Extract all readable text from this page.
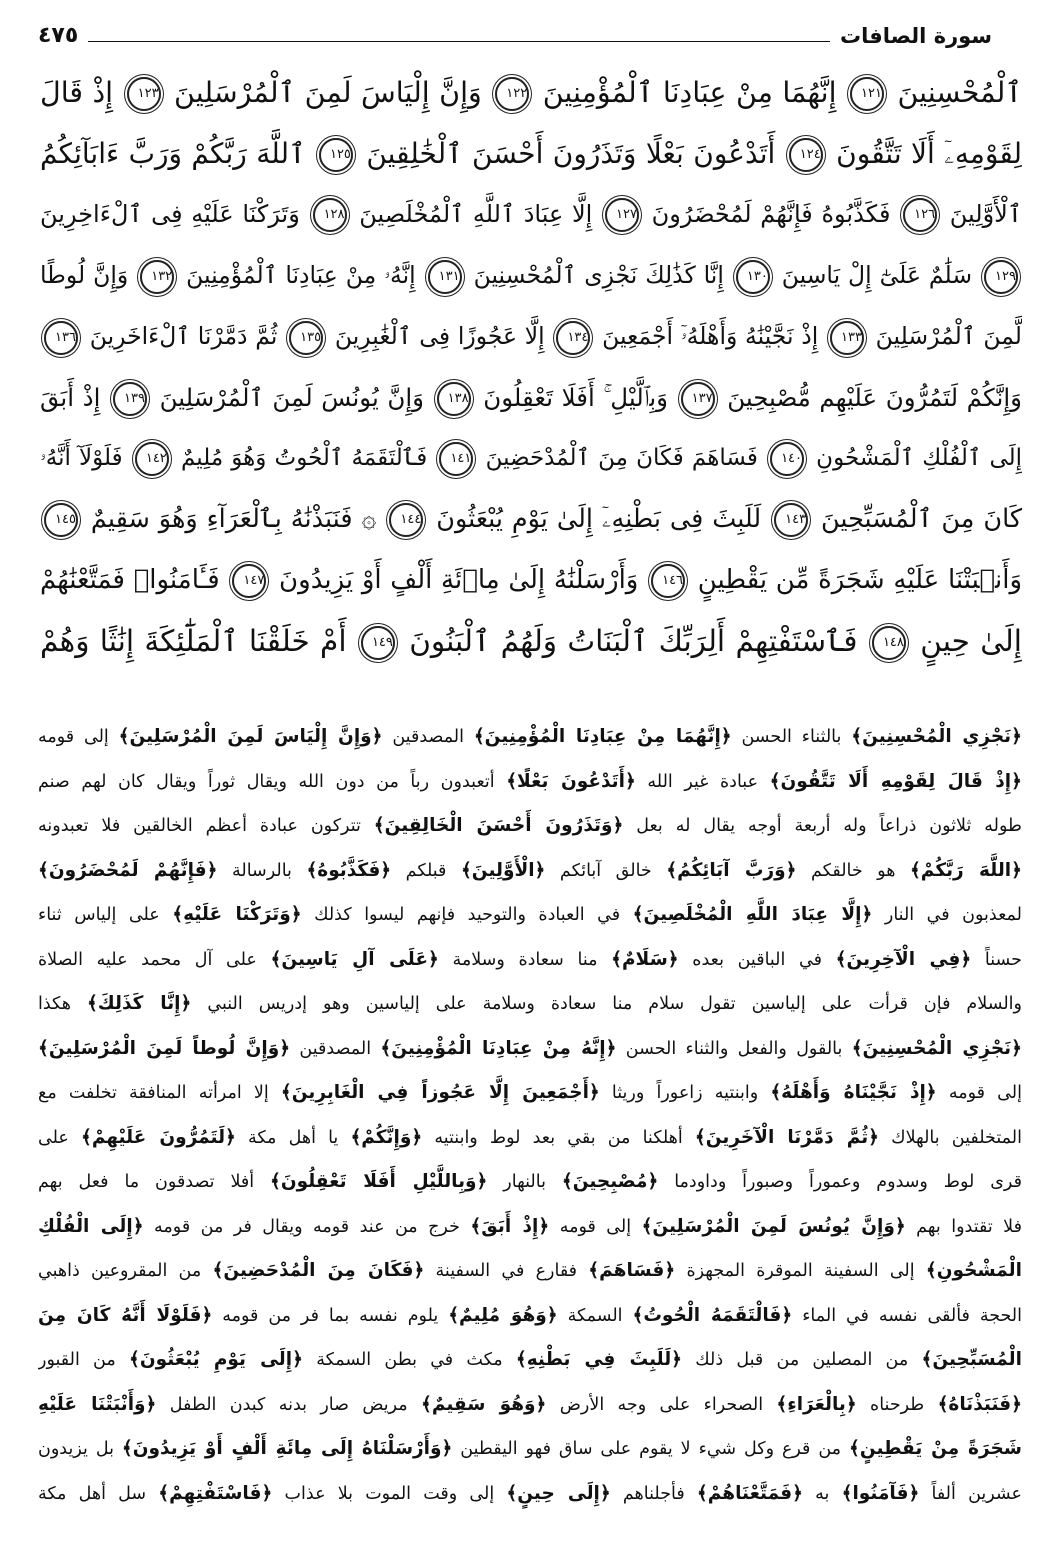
سورة الصافات
٤٧٥
ٱلْمُحْسِنِينَ ١٢١ إِنَّهُمَا مِنْ عِبَادِنَا ٱلْمُؤْمِنِينَ ١٢٢ وَإِنَّ إِلْيَاسَ لَمِنَ ٱلْمُرْسَلِينَ ١٢٣ إِذْ قَالَ
لِقَوْمِهِۦٓ أَلَا تَتَّقُونَ ١٢٤ أَتَدْعُونَ بَعْلًا وَتَذَرُونَ أَحْسَنَ ٱلْخَٰلِقِينَ ١٢٥ ٱللَّهَ رَبَّكُمْ وَرَبَّ ءَابَآئِكُمُ
ٱلْأَوَّلِينَ ١٢٦ فَكَذَّبُوهُ فَإِنَّهُمْ لَمُحْضَرُونَ ١٢٧ إِلَّا عِبَادَ ٱللَّهِ ٱلْمُخْلَصِينَ ١٢٨ وَتَرَكْنَا عَلَيْهِ فِى ٱلْءَاخِرِينَ
١٢٩ سَلَٰمٌ عَلَىٰٓ إِلْ يَاسِينَ ١٣٠ إِنَّا كَذَٰلِكَ نَجْزِى ٱلْمُحْسِنِينَ ١٣١ إِنَّهُۥ مِنْ عِبَادِنَا ٱلْمُؤْمِنِينَ ١٣٢ وَإِنَّ لُوطًا
لَّمِنَ ٱلْمُرْسَلِينَ ١٣٣ إِذْ نَجَّيْنَٰهُ وَأَهْلَهُۥٓ أَجْمَعِينَ ١٣٤ إِلَّا عَجُوزًا فِى ٱلْغَٰبِرِينَ ١٣٥ ثُمَّ دَمَّرْنَا ٱلْءَاخَرِينَ ١٣٦
وَإِنَّكُمْ لَتَمُرُّونَ عَلَيْهِم مُّصْبِحِينَ ١٣٧ وَبِٱلَّيْلِ ۚ أَفَلَا تَعْقِلُونَ ١٣٨ وَإِنَّ يُونُسَ لَمِنَ ٱلْمُرْسَلِينَ ١٣٩ إِذْ أَبَقَ
إِلَى ٱلْفُلْكِ ٱلْمَشْحُونِ ١٤٠ فَسَاهَمَ فَكَانَ مِنَ ٱلْمُدْحَضِينَ ١٤١ فَٱلْتَقَمَهُ ٱلْحُوتُ وَهُوَ مُلِيمٌ ١٤٢ فَلَوْلَآ أَنَّهُۥ
كَانَ مِنَ ٱلْمُسَبِّحِينَ ١٤٣ لَلَبِثَ فِى بَطْنِهِۦٓ إِلَىٰ يَوْمِ يُبْعَثُونَ ١٤٤ ۞ فَنَبَذْنَٰهُ بِٱلْعَرَآءِ وَهُوَ سَقِيمٌ ١٤٥
وَأَنۢبَتْنَا عَلَيْهِ شَجَرَةً مِّن يَقْطِينٍ ١٤٦ وَأَرْسَلْنَٰهُ إِلَىٰ مِا۟ئَةِ أَلْفٍ أَوْ يَزِيدُونَ ١٤٧ فَـَٔامَنُوا۟ فَمَتَّعْنَٰهُمْ
إِلَىٰ حِينٍ ١٤٨ فَٱسْتَفْتِهِمْ أَلِرَبِّكَ ٱلْبَنَاتُ وَلَهُمُ ٱلْبَنُونَ ١٤٩ أَمْ خَلَقْنَا ٱلْمَلَٰٓئِكَةَ إِنَٰثًا وَهُمْ
﴿نَجْزِي الْمُحْسِنِينَ﴾ بالثناء الحسن ﴿إِنَّهُمَا مِنْ عِبَادِنَا الْمُؤْمِنِينَ﴾ المصدقين ﴿وَإِنَّ إِلْيَاسَ لَمِنَ الْمُرْسَلِينَ﴾ إلى قومه
﴿إِذْ قَالَ لِقَوْمِهِ أَلَا تَتَّقُونَ﴾ عبادة غير الله ﴿أَتَدْعُونَ بَعْلًا﴾ أتعبدون رباً من دون الله ويقال ثوراً ويقال كان لهم صنم
طوله ثلاثون ذراعاً وله أربعة أوجه يقال له بعل ﴿وَتَذَرُونَ أَحْسَنَ الْخَالِقِينَ﴾ تتركون عبادة أعظم الخالقين فلا تعبدونه
﴿اللَّهَ رَبَّكُمْ﴾ هو خالقكم ﴿وَرَبَّ آبَائِكُمُ﴾ خالق آبائكم ﴿الْأَوَّلِينَ﴾ قبلكم ﴿فَكَذَّبُوهُ﴾ بالرسالة ﴿فَإِنَّهُمْ لَمُحْضَرُونَ﴾
لمعذبون في النار ﴿إِلَّا عِبَادَ اللَّهِ الْمُخْلَصِينَ﴾ في العبادة والتوحيد فإنهم ليسوا كذلك ﴿وَتَرَكْنَا عَلَيْهِ﴾ على إلياس ثناء
حسناً ﴿فِي الْآخِرِينَ﴾ في الباقين بعده ﴿سَلَامٌ﴾ منا سعادة وسلامة ﴿عَلَى آلِ يَاسِينَ﴾ على آل محمد عليه الصلاة
والسلام فإن قرأت على إلياسين تقول سلام منا سعادة وسلامة على إلياسين وهو إدريس النبي ﴿إِنَّا كَذَلِكَ﴾ هكذا
﴿نَجْزِي الْمُحْسِنِينَ﴾ بالقول والفعل والثناء الحسن ﴿إِنَّهُ مِنْ عِبَادِنَا الْمُؤْمِنِينَ﴾ المصدقين ﴿وَإِنَّ لُوطاً لَمِنَ الْمُرْسَلِينَ﴾
إلى قومه ﴿إِذْ نَجَّيْنَاهُ وَأَهْلَهُ﴾ وابنتيه زاعوراً وريثا ﴿أَجْمَعِينَ إِلَّا عَجُوزاً فِي الْغَابِرِينَ﴾ إلا امرأته المنافقة تخلفت مع
المتخلفين بالهلاك ﴿ثُمَّ دَمَّرْنَا الْآخَرِينَ﴾ أهلكنا من بقي بعد لوط وابنتيه ﴿وَإِنَّكُمْ﴾ يا أهل مكة ﴿لَتَمُرُّونَ عَلَيْهِمْ﴾ على
قرى لوط وسدوم وعموراً وصبوراً وداودما ﴿مُصْبِحِينَ﴾ بالنهار ﴿وَبِاللَّيْلِ أَفَلَا تَعْقِلُونَ﴾ أفلا تصدقون ما فعل بهم
فلا تقتدوا بهم ﴿وَإِنَّ يُونُسَ لَمِنَ الْمُرْسَلِينَ﴾ إلى قومه ﴿إِذْ أَبَقَ﴾ خرج من عند قومه ويقال فر من قومه ﴿إِلَى الْفُلْكِ
الْمَشْحُونِ﴾ إلى السفينة الموقرة المجهزة ﴿فَسَاهَمَ﴾ فقارع في السفينة ﴿فَكَانَ مِنَ الْمُدْحَضِينَ﴾ من المقروعين ذاهبي
الحجة فألقى نفسه في الماء ﴿فَالْتَقَمَهُ الْحُوتُ﴾ السمكة ﴿وَهُوَ مُلِيمٌ﴾ يلوم نفسه بما فر من قومه ﴿فَلَوْلَا أَنَّهُ كَانَ مِنَ
الْمُسَبِّحِينَ﴾ من المصلين من قبل ذلك ﴿لَلَبِثَ فِي بَطْنِهِ﴾ مكث في بطن السمكة ﴿إِلَى يَوْمِ يُبْعَثُونَ﴾ من القبور
﴿فَنَبَذْنَاهُ﴾ طرحناه ﴿بِالْعَرَاءِ﴾ الصحراء على وجه الأرض ﴿وَهُوَ سَقِيمٌ﴾ مريض صار بدنه كبدن الطفل ﴿وَأَنْبَتْنَا عَلَيْهِ
شَجَرَةً مِنْ يَقْطِينٍ﴾ من قرع وكل شيء لا يقوم على ساق فهو اليقطين ﴿وَأَرْسَلْنَاهُ إِلَى مِائَةِ أَلْفٍ أَوْ يَزِيدُونَ﴾ بل يزيدون
عشرين ألفاً ﴿فَآمَنُوا﴾ به ﴿فَمَتَّعْنَاهُمْ﴾ فأجلناهم ﴿إِلَى حِينٍ﴾ إلى وقت الموت بلا عذاب ﴿فَاسْتَفْتِهِمْ﴾ سل أهل مكة
